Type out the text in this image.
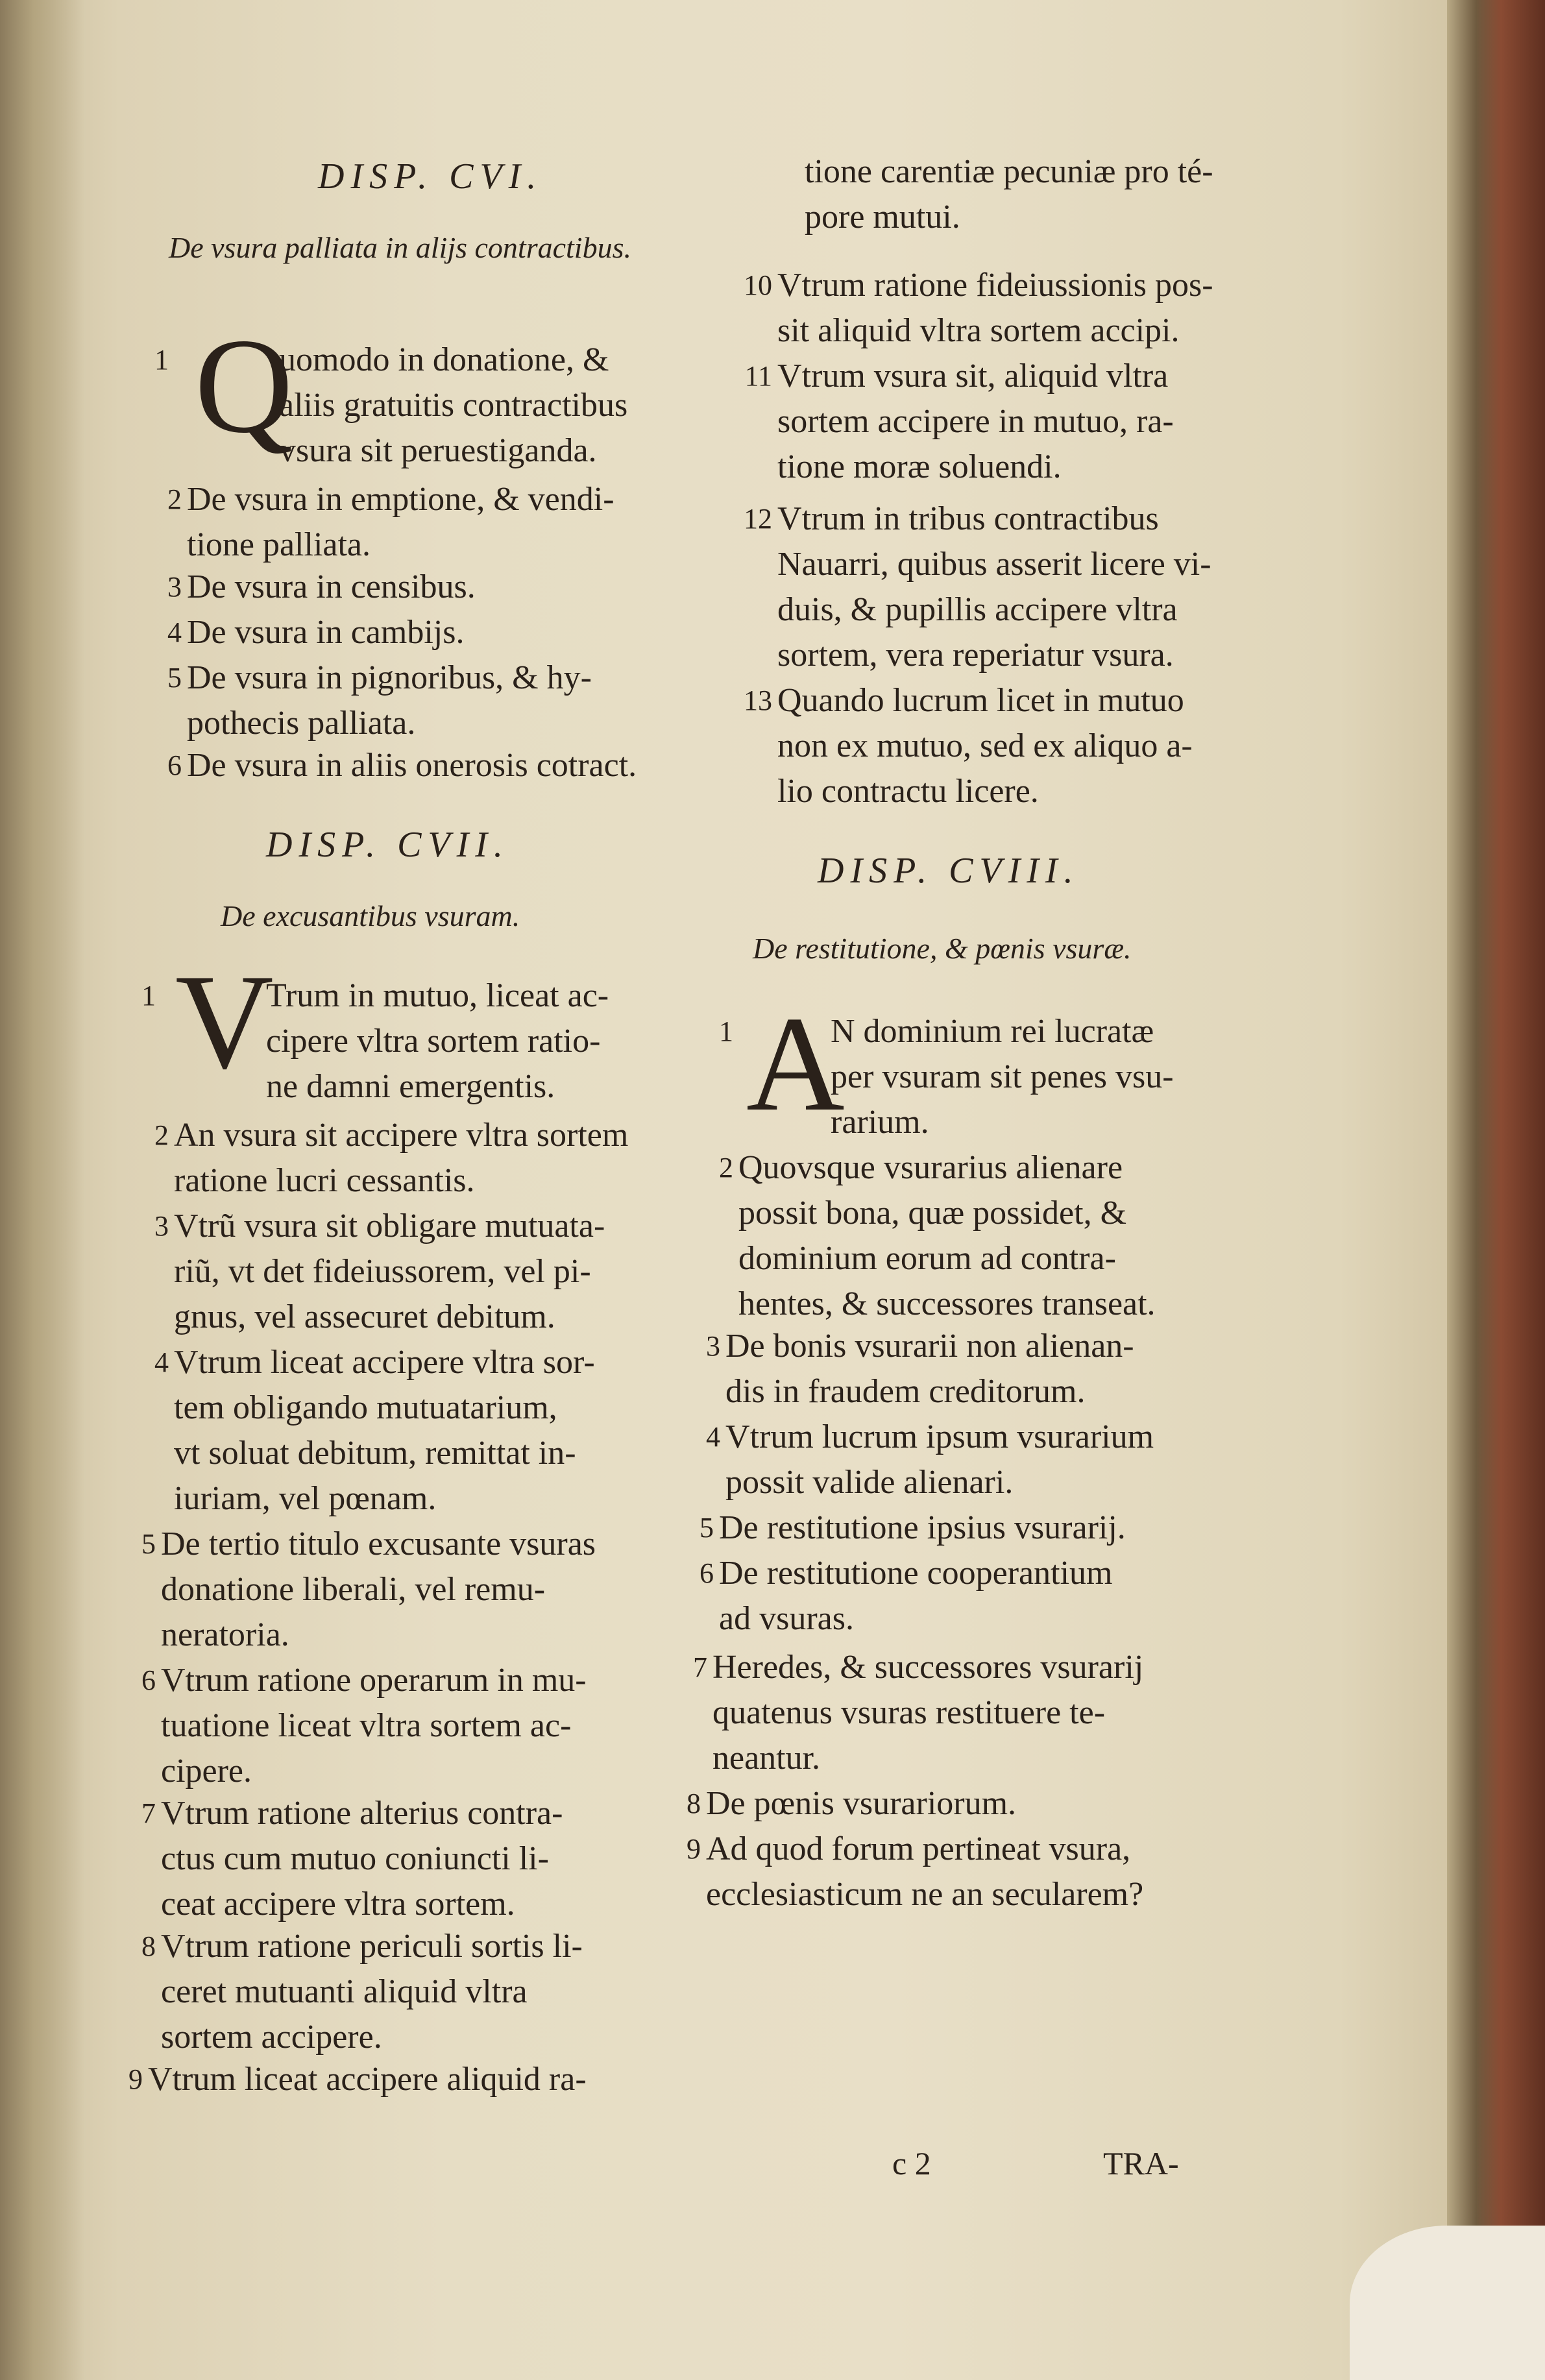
DISP. CVI.
De vsura palliata in alijs contractibus.
Q
1	uomodo in donatione, &
aliis gratuitis contractibus
vsura sit peruestiganda.
2 De vsura in emptione, & vendi-
tione palliata.
3 De vsura in censibus.
4 De vsura in cambijs.
5 De vsura in pignoribus, & hy-
pothecis palliata.
6 De vsura in aliis onerosis cotract.
DISP. CVII.
De excusantibus vsuram.
V
1	Trum in mutuo, liceat ac-
cipere vltra sortem ratio-
ne damni emergentis.
2 An vsura sit accipere vltra sortem
ratione lucri cessantis.
3 Vtrũ vsura sit obligare mutuata-
riũ, vt det fideiussorem, vel pi-
gnus, vel assecuret debitum.
4 Vtrum liceat accipere vltra sor-
tem obligando mutuatarium,
vt soluat debitum, remittat in-
iuriam, vel pœnam.
5 De tertio titulo excusante vsuras
donatione liberali, vel remu-
neratoria.
6 Vtrum ratione operarum in mu-
tuatione liceat vltra sortem ac-
cipere.
7 Vtrum ratione alterius contra-
ctus cum mutuo coniuncti li-
ceat accipere vltra sortem.
8 Vtrum ratione periculi sortis li-
ceret mutuanti aliquid vltra
sortem accipere.
9 Vtrum liceat accipere aliquid ra-
tione carentiæ pecuniæ pro té-
pore mutui.
10 Vtrum ratione fideiussionis pos-
sit aliquid vltra sortem accipi.
11 Vtrum vsura sit, aliquid vltra
sortem accipere in mutuo, ra-
tione moræ soluendi.
12 Vtrum in tribus contractibus
Nauarri, quibus asserit licere vi-
duis, & pupillis accipere vltra
sortem, vera reperiatur vsura.
13 Quando lucrum licet in mutuo
non ex mutuo, sed ex aliquo a-
lio contractu licere.
DISP. CVIII.
De restitutione, & pœnis vsuræ.
A
1	N dominium rei lucratæ
per vsuram sit penes vsu-
rarium.
2 Quovsque vsurarius alienare
possit bona, quæ possidet, &
dominium eorum ad contra-
hentes, & successores transeat.
3 De bonis vsurarii non alienan-
dis in fraudem creditorum.
4 Vtrum lucrum ipsum vsurarium
possit valide alienari.
5 De restitutione ipsius vsurarij.
6 De restitutione cooperantium
ad vsuras.
7 Heredes, & successores vsurarij
quatenus vsuras restituere te-
neantur.
8 De pœnis vsurariorum.
9 Ad quod forum pertineat vsura,
ecclesiasticum ne an secularem?
c 2	TRA-
